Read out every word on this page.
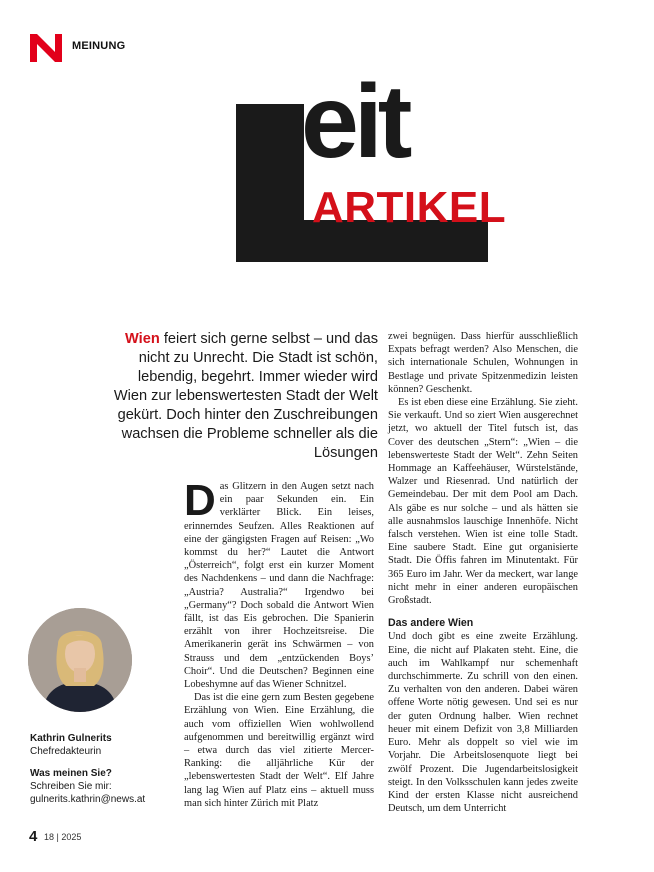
MEINUNG
eit
ARTIKEL
Wien feiert sich gerne selbst – und das nicht zu Unrecht. Die Stadt ist schön, lebendig, begehrt. Immer wieder wird Wien zur lebenswertesten Stadt der Welt gekürt. Doch hinter den Zuschreibungen wachsen die Probleme schneller als die Lösungen

Das Glitzern in den Augen setzt nach ein paar Sekunden ein. Ein verklärter Blick. Ein leises, erinnerndes Seufzen. Alles Reaktionen auf eine der gängigsten Fragen auf Reisen: „Wo kommst du her?“ Lautet die Antwort „Österreich“, folgt erst ein kurzer Moment des Nachdenkens – und dann die Nachfrage: „Austria? Australia?“ Irgendwo bei „Germany“? Doch sobald die Antwort Wien fällt, ist das Eis gebrochen. Die Spanierin erzählt von ihrer Hochzeitsreise. Die Amerikanerin gerät ins Schwärmen – von Strauss und dem „entzückenden Boys’ Choir“. Und die Deutschen? Beginnen eine Lobeshymne auf das Wiener Schnitzel.

Das ist die eine gern zum Besten gegebene Erzählung von Wien. Eine Erzählung, die auch vom offiziellen Wien wohlwollend aufgenommen und bereitwillig ergänzt wird – etwa durch das viel zitierte Mercer-Ranking: die alljährliche Kür der „lebenswertesten Stadt der Welt“. Elf Jahre lang lag Wien auf Platz eins – aktuell muss man sich hinter Zürich mit Platz

zwei begnügen. Dass hierfür ausschließlich Expats befragt werden? Also Menschen, die sich internationale Schulen, Wohnungen in Bestlage und private Spitzenmedizin leisten können? Geschenkt.

Es ist eben diese eine Erzählung. Sie zieht. Sie verkauft. Und so ziert Wien ausgerechnet jetzt, wo aktuell der Titel futsch ist, das Cover des deutschen „Stern“: „Wien – die lebenswerteste Stadt der Welt“. Zehn Seiten Hommage an Kaffeehäuser, Würstelstände, Walzer und Riesenrad. Und natürlich der Gemeindebau. Der mit dem Pool am Dach. Als gäbe es nur solche – und als hätten sie alle ausnahmslos lauschige Innenhöfe. Nicht falsch verstehen. Wien ist eine tolle Stadt. Eine saubere Stadt. Eine gut organisierte Stadt. Die Öffis fahren im Minutentakt. Für 365 Euro im Jahr. Wer da meckert, war lange nicht mehr in einer anderen europäischen Großstadt.

Das andere Wien

Und doch gibt es eine zweite Erzählung. Eine, die nicht auf Plakaten steht. Eine, die auch im Wahlkampf nur schemenhaft durchschimmerte. Zu schrill von den einen. Zu verhalten von den anderen. Dabei wären offene Worte nötig gewesen. Und sei es nur der guten Ordnung halber. Wien rechnet heuer mit einem Defizit von 3,8 Milliarden Euro. Mehr als doppelt so viel wie im Vorjahr. Die Arbeitslosenquote liegt bei zwölf Prozent. Die Jugendarbeitslosigkeit steigt. In den Volksschulen kann jedes zweite Kind der ersten Klasse nicht ausreichend Deutsch, um dem Unterricht

Kathrin Gulnerits
Chefredakteurin
Was meinen Sie?
Schreiben Sie mir:
gulnerits.kathrin@news.at
4 18 | 2025
